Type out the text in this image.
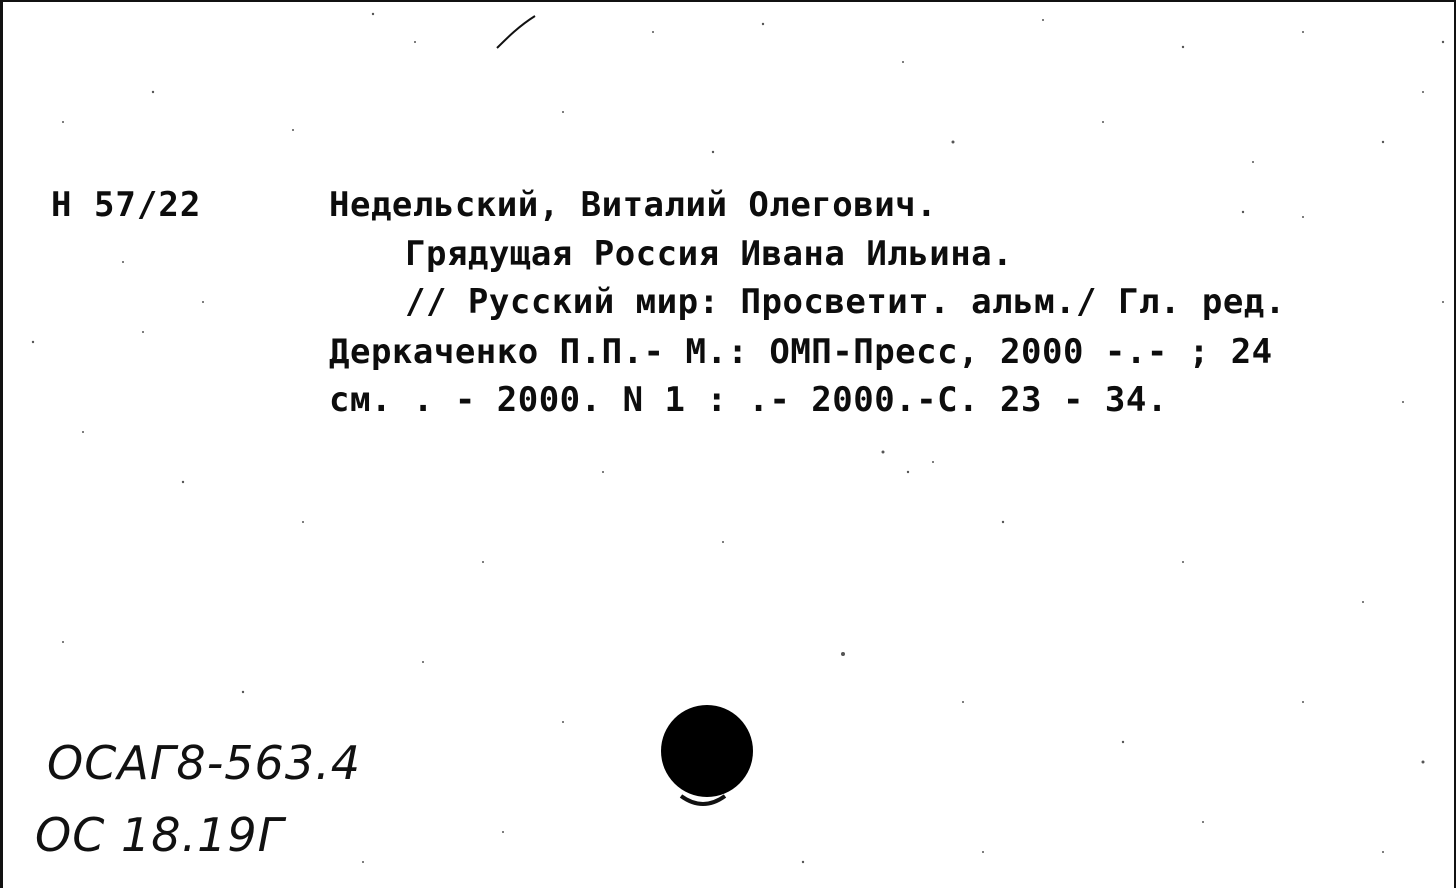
Н 57/22	Недельский, Виталий Олегович.
Грядущая Россия Ивана Ильина.
// Русский мир: Просветит. альм./ Гл. ред.
Деркаченко П.П.- М.: ОМП-Пресс, 2000 -.- ; 24
см. . - 2000. N 1 : .- 2000.-С. 23 - 34.
ОСАГ8-563.4
ОС 18.19Г
